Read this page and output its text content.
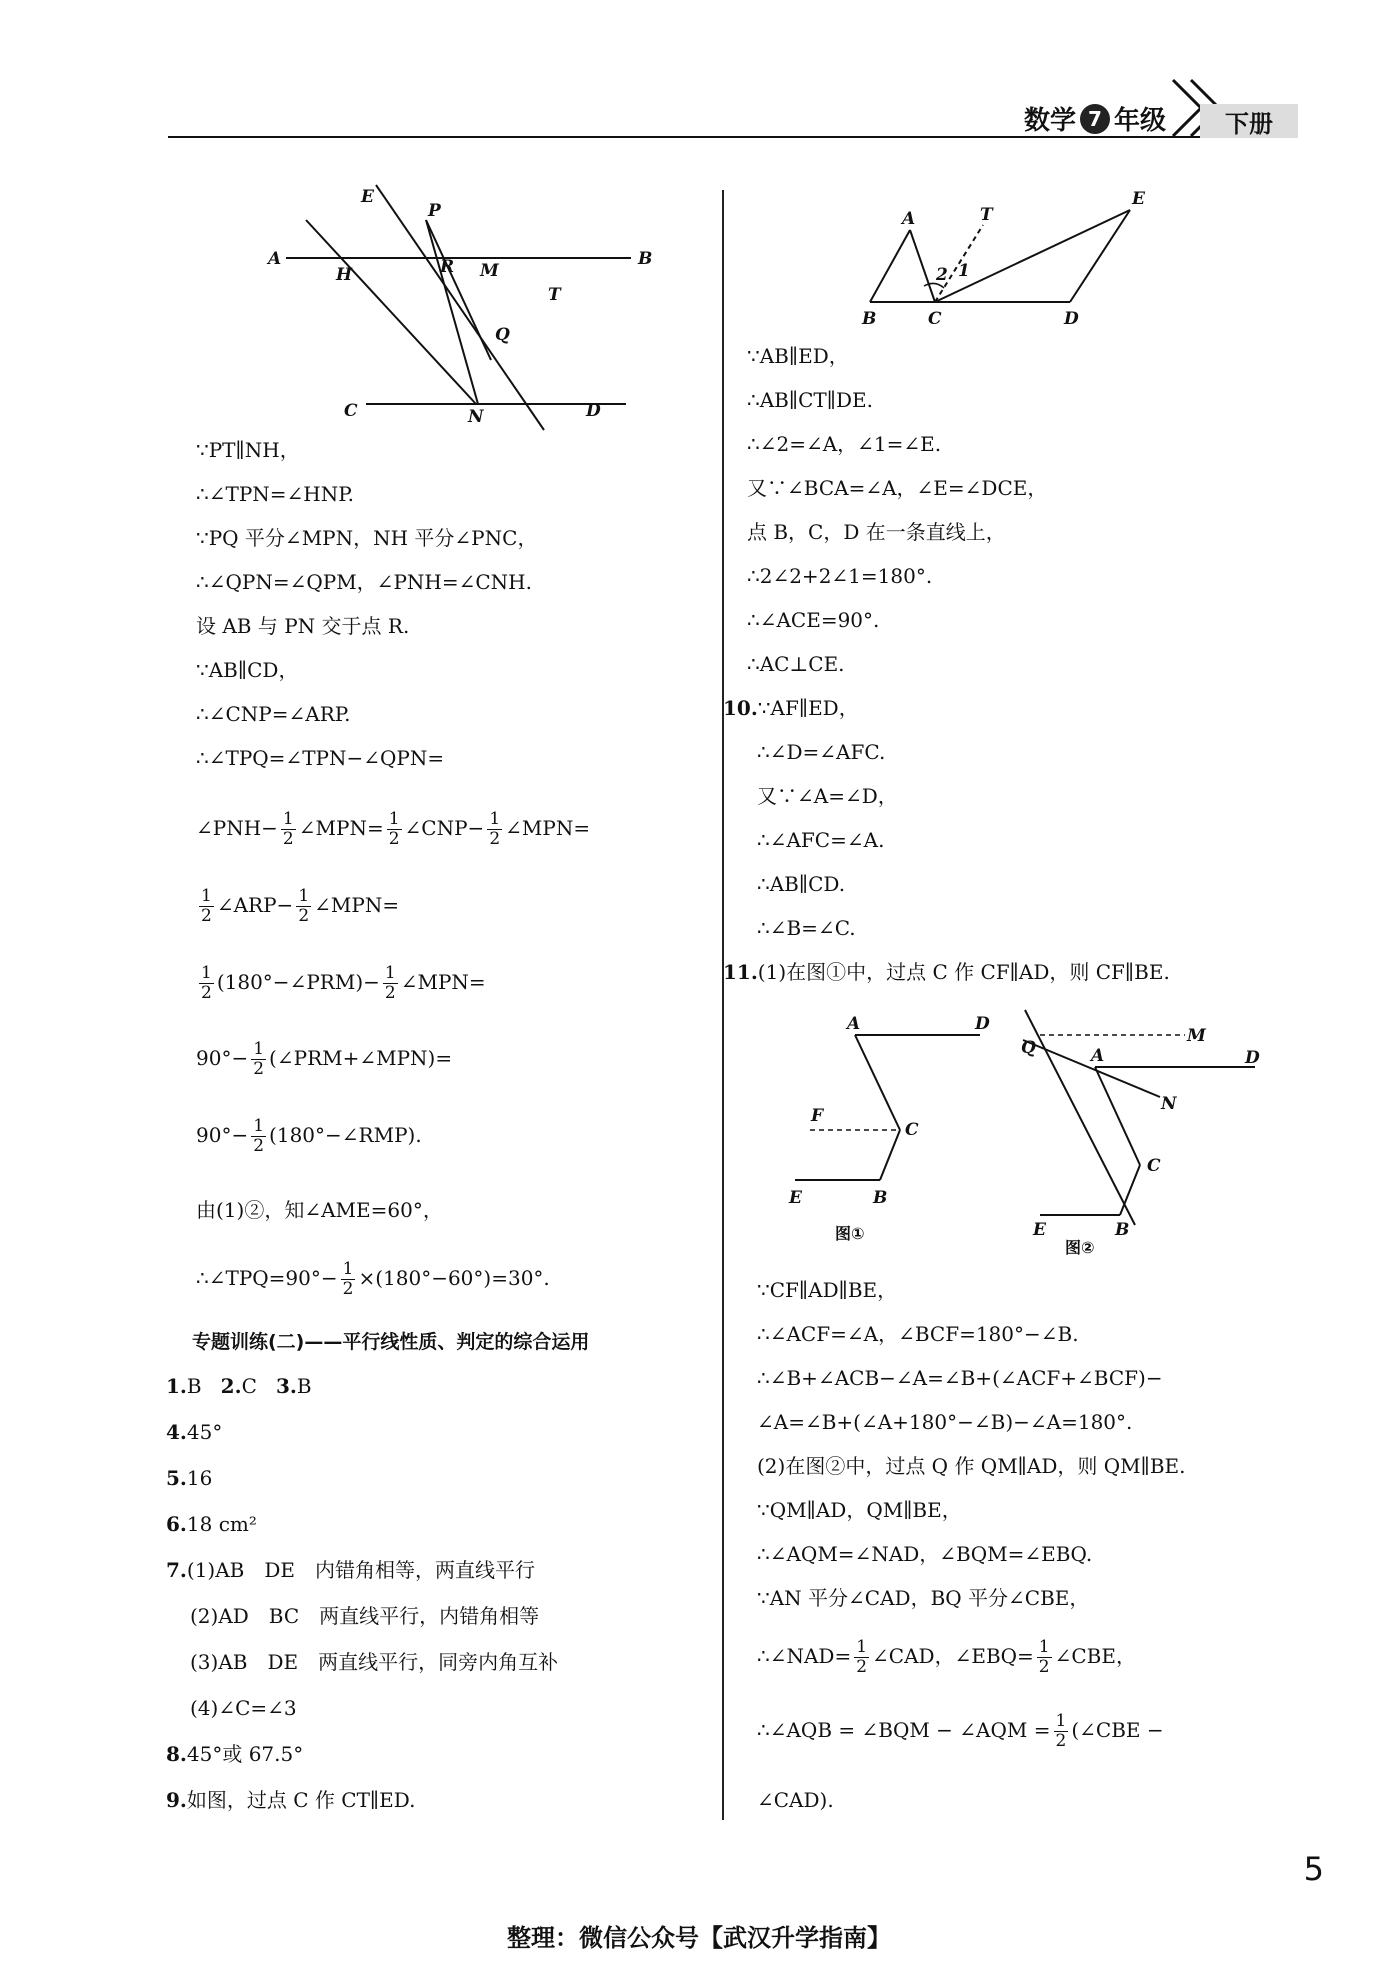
数学 7 年级	下册
E
P
A
H	R M
B
T
Q
C	N	D
∵PT∥NH，
∴∠TPN=∠HNP.
∵PQ 平分∠MPN，NH 平分∠PNC，
∴∠QPN=∠QPM，∠PNH=∠CNH.
设 AB 与 PN 交于点 R.
∵AB∥CD，
∴∠CNP=∠ARP.
∴∠TPQ=∠TPN−∠QPN=
∠PNH− $\frac{1}{2}$ ∠MPN= $\frac{1}{2}$ ∠CNP− $\frac{1}{2}$ ∠MPN=
$\frac{1}{2}$ ∠ARP− $\frac{1}{2}$ ∠MPN=
$\frac{1}{2}$ (180°−∠PRM)− $\frac{1}{2}$ ∠MPN=
$90^\circ- \frac{1}{2}$ (∠PRM+∠MPN)=
$90^\circ- \frac{1}{2}$ (180°−∠RMP).
由(1)②，知∠AME=60°，
∴∠TPQ=90°− $\frac{1}{2} \times(180^\circ-60^\circ)=30^\circ$.
专题训练(二)——平行线性质、判定的综合运用
1.B 2.C 3.B
4.45°
5.16
6.18 cm²
7.(1)AB　DE　内错角相等，两直线平行
(2)AD　BC　两直线平行，内错角相等
(3)AB　DE　两直线平行，同旁内角互补
(4)∠C=∠3
8.45°或 67.5°
9.如图，过点 C 作 CT∥ED.
A	T
E
2 1
B	C	D
∵AB∥ED，
∴AB∥CT∥DE.
∴∠2=∠A，∠1=∠E.
又∵∠BCA=∠A，∠E=∠DCE，
点 B，C，D 在一条直线上，
∴2∠2+2∠1=180°.
∴∠ACE=90°.
∴AC⊥CE.
10.∵AF∥ED，
∴∠D=∠AFC.
又∵∠A=∠D，
∴∠AFC=∠A.
∴AB∥CD.
∴∠B=∠C.
11.(1)在图①中，过点 C 作 CF∥AD，则 CF∥BE.
A	D
F
C
E	B
图①
Q
M
A	D
N
C
E	B
图②
∵CF∥AD∥BE，
∴∠ACF=∠A，∠BCF=180°−∠B.
∴∠B+∠ACB−∠A=∠B+(∠ACF+∠BCF)−
∠A=∠B+(∠A+180°−∠B)−∠A=180°.
(2)在图②中，过点 Q 作 QM∥AD，则 QM∥BE.
∵QM∥AD，QM∥BE，
∴∠AQM=∠NAD，∠BQM=∠EBQ.
∵AN 平分∠CAD，BQ 平分∠CBE，
∴∠NAD= $\frac{1}{2}$ ∠CAD，∠EBQ= $\frac{1}{2}$ ∠CBE，
∴∠AQB = ∠BQM − ∠AQM = $\frac{1}{2}$ (∠CBE −
∠CAD).
5
整理：微信公众号【武汉升学指南】
